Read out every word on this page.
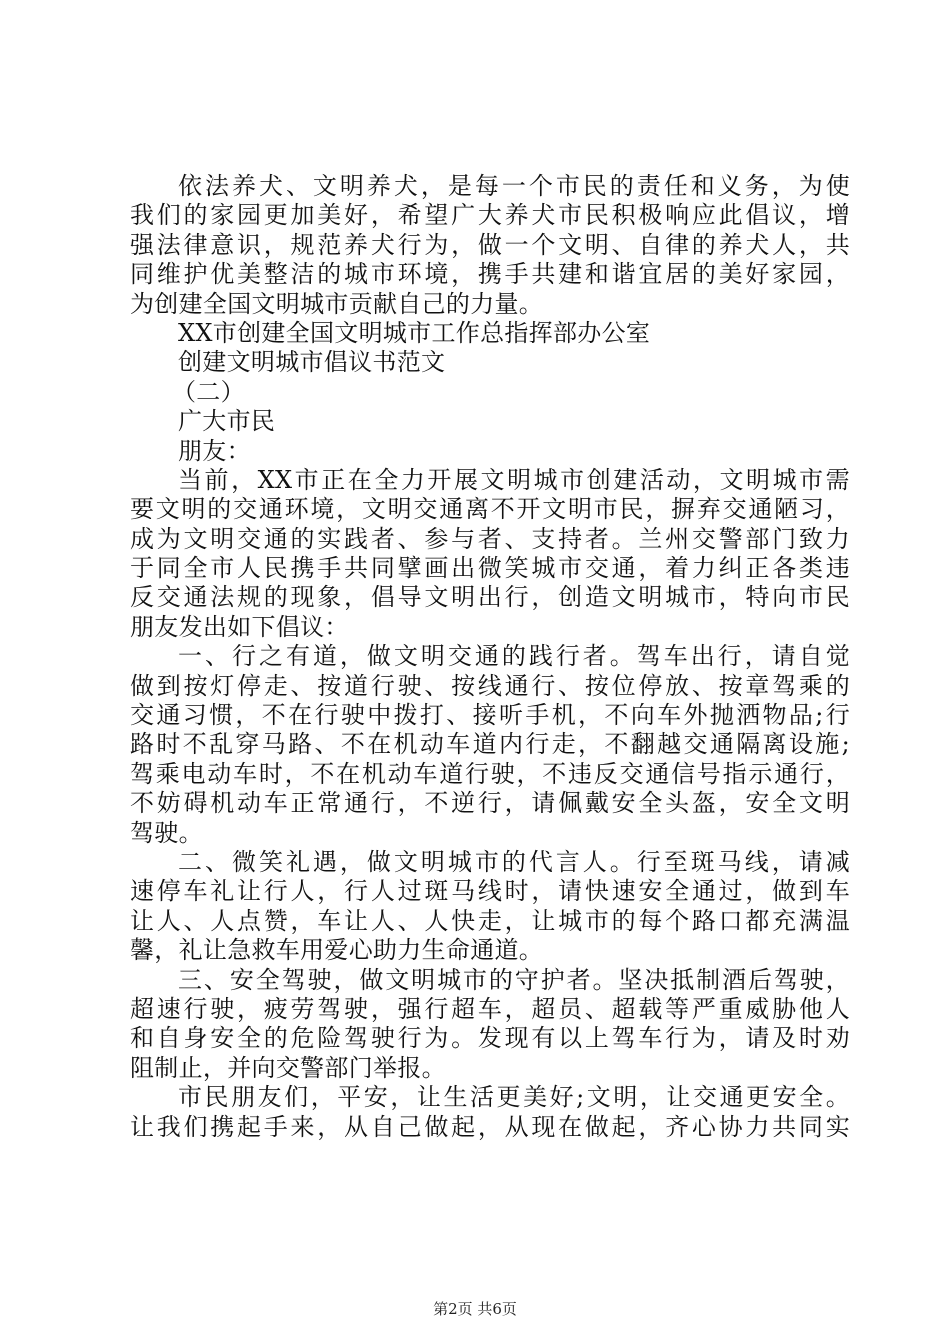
依法养犬、文明养犬，是每一个市民的责任和义务，为使
我们的家园更加美好，希望广大养犬市民积极响应此倡议，增
强法律意识，规范养犬行为，做一个文明、自律的养犬人，共
同维护优美整洁的城市环境，携手共建和谐宜居的美好家园，
为创建全国文明城市贡献自己的力量。
XX市创建全国文明城市工作总指挥部办公室
创建文明城市倡议书范文
（二）
广大市民
朋友：
当前，XX市正在全力开展文明城市创建活动，文明城市需
要文明的交通环境，文明交通离不开文明市民，摒弃交通陋习，
成为文明交通的实践者、参与者、支持者。兰州交警部门致力
于同全市人民携手共同擘画出微笑城市交通，着力纠正各类违
反交通法规的现象，倡导文明出行，创造文明城市，特向市民
朋友发出如下倡议：
一、行之有道，做文明交通的践行者。驾车出行，请自觉
做到按灯停走、按道行驶、按线通行、按位停放、按章驾乘的
交通习惯，不在行驶中拨打、接听手机，不向车外抛洒物品;行
路时不乱穿马路、不在机动车道内行走，不翻越交通隔离设施;
驾乘电动车时，不在机动车道行驶，不违反交通信号指示通行，
不妨碍机动车正常通行，不逆行，请佩戴安全头盔，安全文明
驾驶。
二、微笑礼遇，做文明城市的代言人。行至斑马线，请减
速停车礼让行人，行人过斑马线时，请快速安全通过，做到车
让人、人点赞，车让人、人快走，让城市的每个路口都充满温
馨，礼让急救车用爱心助力生命通道。
三、安全驾驶，做文明城市的守护者。坚决抵制酒后驾驶，
超速行驶，疲劳驾驶，强行超车，超员、超载等严重威胁他人
和自身安全的危险驾驶行为。发现有以上驾车行为，请及时劝
阻制止，并向交警部门举报。
市民朋友们，平安，让生活更美好;文明，让交通更安全。
让我们携起手来，从自己做起，从现在做起，齐心协力共同实
第2页 共6页
